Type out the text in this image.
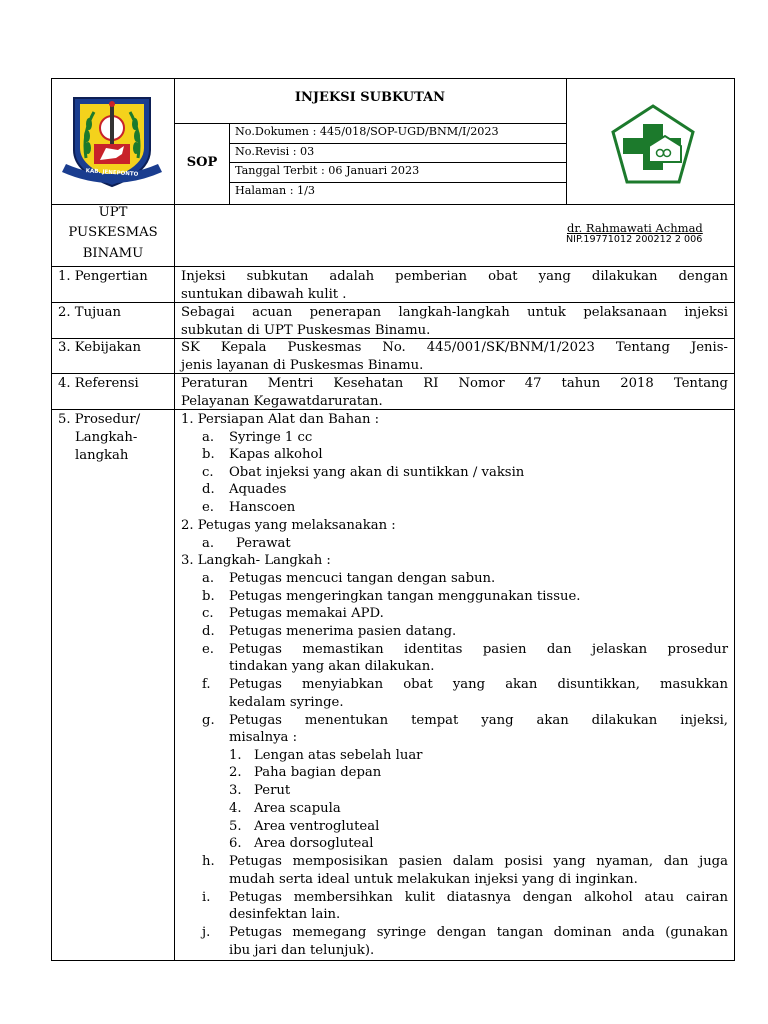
KAB. JENEPONTO
INJEKSI SUBKUTAN
SOP
No.Dokumen : 445/018/SOP-UGD/BNM/I/2023
No.Revisi : 03
Tanggal Terbit : 06 Januari 2023
Halaman : 1/3
UPT
PUSKESMAS
BINAMU
dr. Rahmawati Achmad
NIP.19771012 200212 2 006
1. Pengertian
2. Tujuan
3. Kebijakan
4. Referensi
5. Prosedur/
Langkah-
langkah
Injeksi subkutan adalah pemberian obat yang dilakukan dengan
suntukan dibawah kulit .
Sebagai acuan penerapan langkah-langkah untuk pelaksanaan injeksi
subkutan di UPT Puskesmas Binamu.
SK Kepala Puskesmas No. 445/001/SK/BNM/1/2023 Tentang Jenis-
jenis layanan di Puskesmas Binamu.
Peraturan Mentri Kesehatan RI Nomor 47 tahun 2018 Tentang
Pelayanan Kegawatdaruratan.
1. Persiapan Alat dan Bahan :
a. Syringe 1 cc
b. Kapas alkohol
c. Obat injeksi yang akan di suntikkan / vaksin
d. Aquades
e. Hanscoen
2. Petugas yang melaksanakan :
a. Perawat
3. Langkah- Langkah :
a. Petugas mencuci tangan dengan sabun.
b. Petugas mengeringkan tangan menggunakan tissue.
c. Petugas memakai APD.
d. Petugas menerima pasien datang.
e. Petugas memastikan identitas pasien dan jelaskan prosedur
tindakan yang akan dilakukan.
f. Petugas menyiabkan obat yang akan disuntikkan, masukkan
kedalam syringe.
g. Petugas menentukan tempat yang akan dilakukan injeksi,
misalnya :
1. Lengan atas sebelah luar
2. Paha bagian depan
3. Perut
4. Area scapula
5. Area ventrogluteal
6. Area dorsogluteal
h. Petugas memposisikan pasien dalam posisi yang nyaman, dan juga
mudah serta ideal untuk melakukan injeksi yang di inginkan.
i. Petugas membersihkan kulit diatasnya dengan alkohol atau cairan
desinfektan lain.
j. Petugas memegang syringe dengan tangan dominan anda (gunakan
ibu jari dan telunjuk).
